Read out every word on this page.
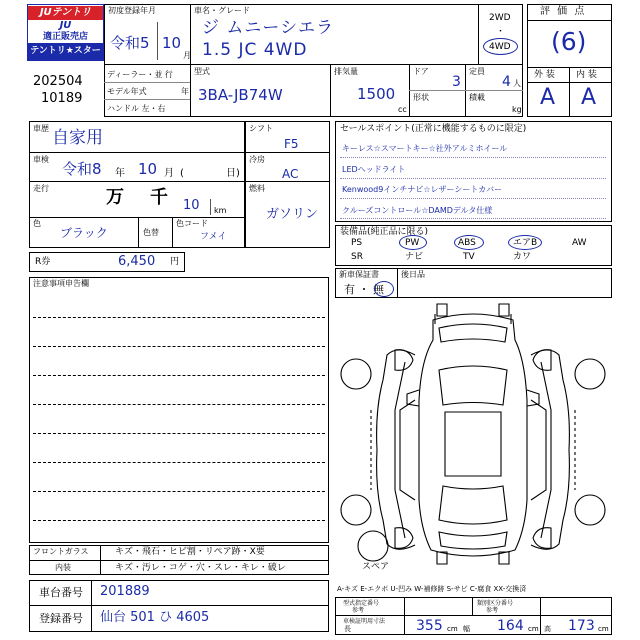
JUテントリ
JU
適正販売店
テントリ★スター
202504
10189
初度登録年月
令和5 10
月
車名・グレード
ジ ムニーシエラ
1.5 JC 4WD
2WD
・
4WD
ディーラー・並 行
モデル年式	年
ハンドル 左・右
型式
3BA-JB74W
排気量
1500
cc
ドア
3
形状
定員
4 人
積載
kg
評 価 点
(6)
外 装 内 装
A A
車歴 自家用
車検
令和8 年 10 月 (	日)
走行	万 千 10 km
色
ブラック	色替
色コード
フメイ
シフト
F5
冷房
AC
燃料
ガソリン
R券	6,450 円
セールスポイント(正常に機能するものに限定)
キーレス☆スマートキー☆社外アルミホイール
LEDヘッドライト
Kenwood9インチナビ☆レザーシートカバー
クルーズコントロール☆DAMDデルタ仕様
装備品(純正品に限る)
PS	PW	ABS	エアB	AW
SR	ナビ	TV	カワ
新車保証書
有 ・ 無
後日品
注意事項申告欄
スペア
フロントガラス	キズ・飛石・ヒビ割・リペア跡・X要
内装	キズ・汚レ・コゲ・穴・スレ・キレ・破レ
車台番号 201889
登録番号 仙台 501 ひ 4605
A-キズ E-エクボ U-凹み W-補修跡 S-サビ C-腐食 XX-交換済
型式指定番号
参考
類別区分番号
参考
車検証明用寸法
長	355 cm 幅 164 cm 高 173 cm
